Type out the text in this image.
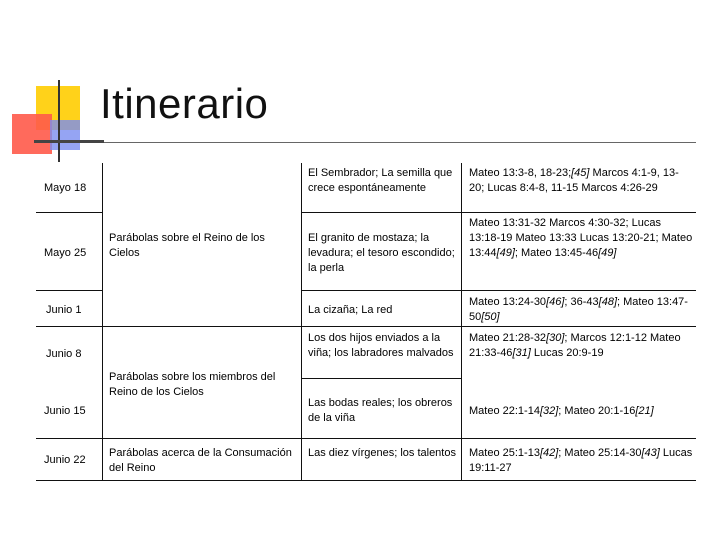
Itinerario
Mayo 18
Mayo 25
Junio 1
Junio 8
Junio 15
Junio 22
Parábolas sobre el Reino de los Cielos
Parábolas sobre los miembros del Reino de los Cielos
Parábolas acerca de la Consumación del Reino
El Sembrador; La semilla que crece espontáneamente
El granito de mostaza; la levadura; el tesoro escondido; la perla
La cizaña; La red
Los dos hijos enviados a la viña; los labradores malvados
Las bodas reales; los obreros de la viña
Las diez vírgenes; los talentos
Mateo 13:3-8, 18-23;[45] Marcos 4:1-9, 13-20; Lucas 8:4-8, 11-15 Marcos 4:26-29
Mateo 13:31-32 Marcos 4:30-32; Lucas 13:18-19 Mateo 13:33 Lucas 13:20-21; Mateo 13:44[49]; Mateo 13:45-46[49]
Mateo 13:24-30[46]; 36-43[48]; Mateo 13:47-50[50]
Mateo 21:28-32[30]; Marcos 12:1-12 Mateo 21:33-46[31] Lucas 20:9-19
Mateo 22:1-14[32]; Mateo 20:1-16[21]
Mateo 25:1-13[42]; Mateo 25:14-30[43] Lucas 19:11-27
